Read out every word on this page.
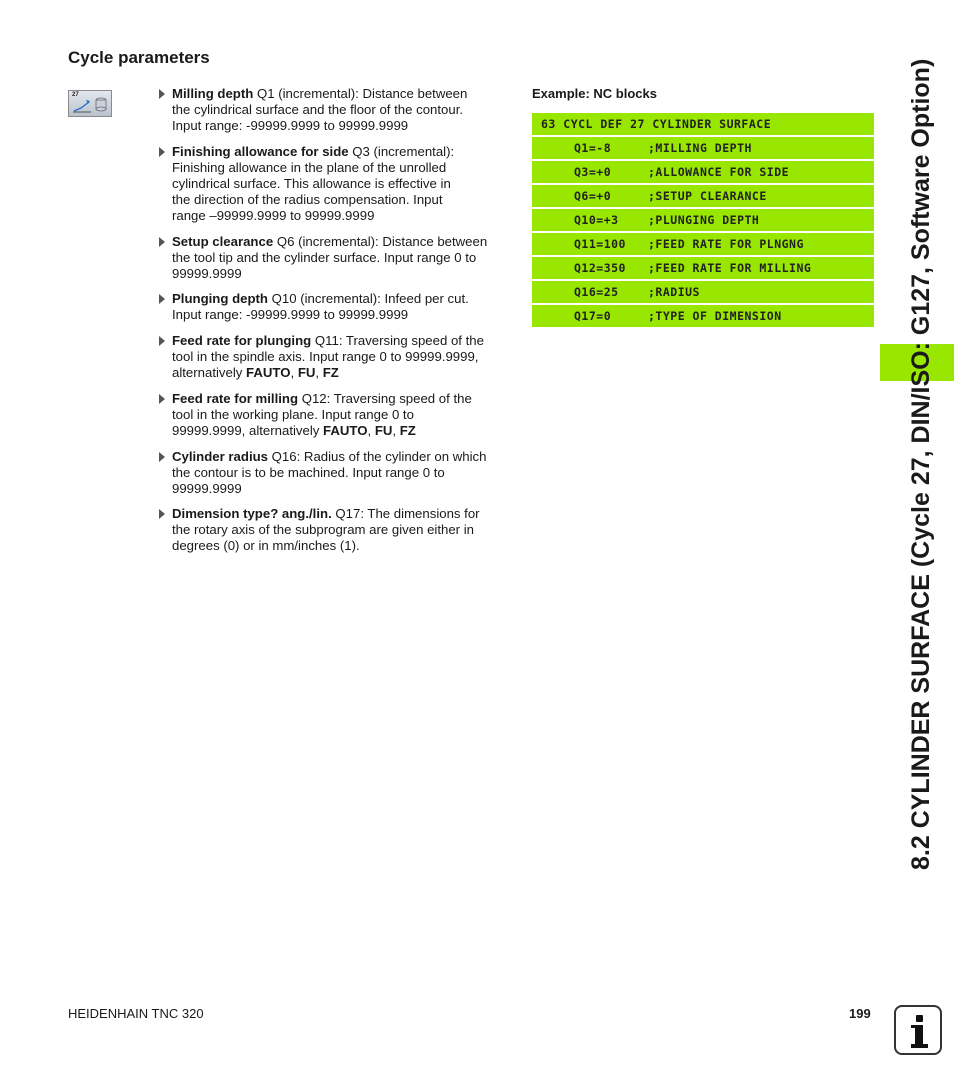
Cycle parameters
27	Milling depth Q1 (incremental): Distance between
the cylindrical surface and the floor of the contour.
Input range: -99999.9999 to 99999.9999
Finishing allowance for side Q3 (incremental):
Finishing allowance in the plane of the unrolled
cylindrical surface. This allowance is effective in
the direction of the radius compensation. Input
range –99999.9999 to 99999.9999
Setup clearance Q6 (incremental): Distance between
the tool tip and the cylinder surface. Input range 0 to
99999.9999
Plunging depth Q10 (incremental): Infeed per cut.
Input range: -99999.9999 to 99999.9999
Feed rate for plunging Q11: Traversing speed of the
tool in the spindle axis. Input range 0 to 99999.9999,
alternatively FAUTO, FU, FZ
Feed rate for milling Q12: Traversing speed of the
tool in the working plane. Input range 0 to
99999.9999, alternatively FAUTO, FU, FZ
Cylinder radius Q16: Radius of the cylinder on which
the contour is to be machined. Input range 0 to
99999.9999
Dimension type? ang./lin. Q17: The dimensions for
the rotary axis of the subprogram are given either in
degrees (0) or in mm/inches (1).
Example: NC blocks
63 CYCL DEF 27 CYLINDER SURFACE
Q1=-8	;MILLING DEPTH
Q3=+0	;ALLOWANCE FOR SIDE
Q6=+0	;SETUP CLEARANCE
Q10=+3	;PLUNGING DEPTH
Q11=100 ;FEED RATE FOR PLNGNG
Q12=350 ;FEED RATE FOR MILLING
Q16=25	;RADIUS
Q17=0	;TYPE OF DIMENSION	8.2 CYLINDER SURFACE (Cycle 27, DIN/ISO: G127, Software Option)
HEIDENHAIN TNC 320	199
